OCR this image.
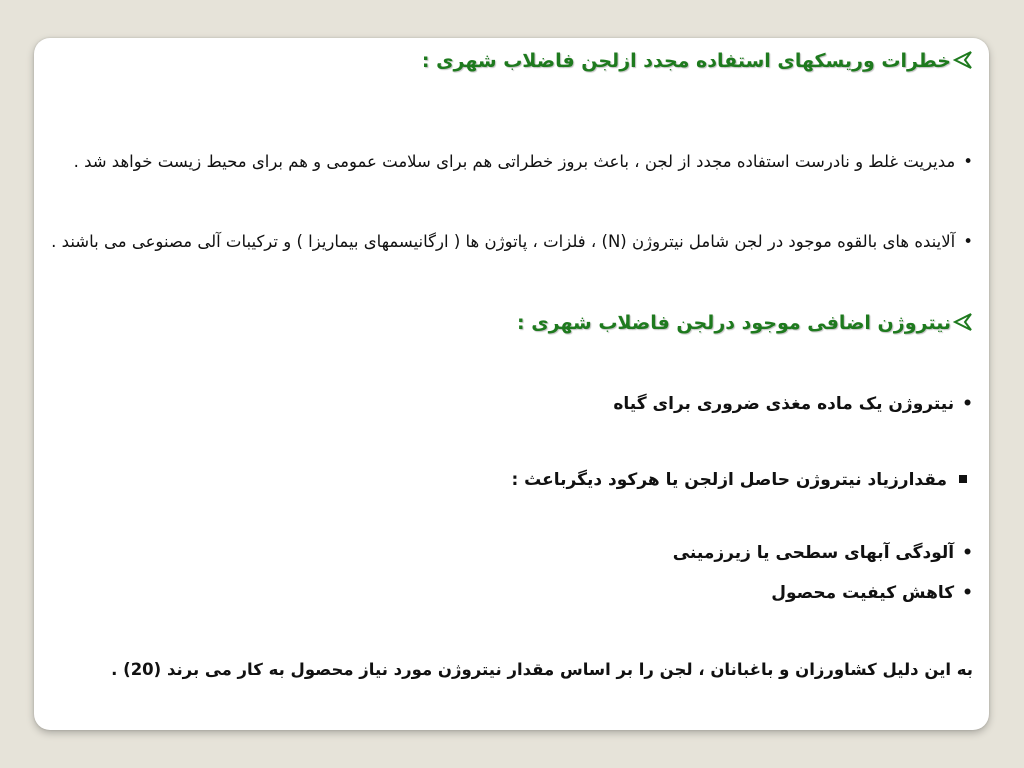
خطرات وریسکهای استفاده مجدد ازلجن فاضلاب شهری :
•مدیریت غلط و نادرست استفاده مجدد از لجن ، باعث بروز خطراتی هم برای سلامت عمومی و هم برای محیط زیست خواهد شد .
•آلاینده های بالقوه موجود در لجن شامل نیتروژن (N) ، فلزات ، پاتوژن ها ( ارگانیسمهای بیماریزا ) و ترکیبات آلی مصنوعی می باشند .
نیتروژن اضافی موجود درلجن فاضلاب شهری :
•نیتروژن یک ماده مغذی ضروری برای گیاه
مقدارزیاد نیتروژن حاصل ازلجن یا هرکود دیگرباعث :
•آلودگی آبهای سطحی یا زیرزمینی
•کاهش کیفیت محصول
به این دلیل کشاورزان و باغبانان ، لجن را بر اساس مقدار نیتروژن مورد نیاز محصول به کار می برند (20) .
